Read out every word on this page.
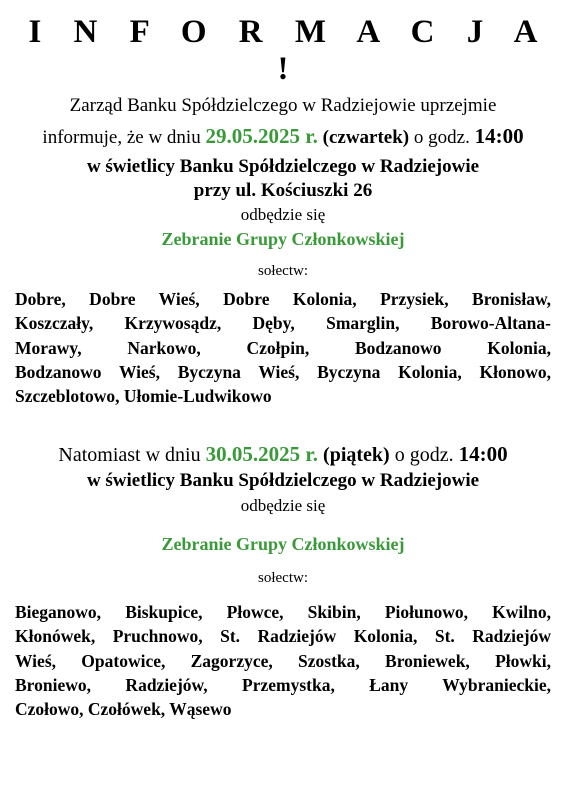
I N F O R M A C J A !
Zarząd Banku Spółdzielczego w Radziejowie uprzejmie
informuje, że w dniu 29.05.2025 r. (czwartek) o godz. 14:00
w świetlicy Banku Spółdzielczego w Radziejowie
przy ul. Kościuszki 26
odbędzie się
Zebranie Grupy Członkowskiej
sołectw:
Dobre, Dobre Wieś, Dobre Kolonia, Przysiek, Bronisław,
Koszczały, Krzywosądz, Dęby, Smarglin, Borowo-Altana-
Morawy, Narkowo, Czołpin, Bodzanowo Kolonia,
Bodzanowo Wieś, Byczyna Wieś, Byczyna Kolonia, Kłonowo,
Szczeblotowo, Ułomie-Ludwikowo
Natomiast w dniu 30.05.2025 r. (piątek) o godz. 14:00
w świetlicy Banku Spółdzielczego w Radziejowie
odbędzie się
Zebranie Grupy Członkowskiej
sołectw:
Bieganowo, Biskupice, Płowce, Skibin, Piołunowo, Kwilno,
Kłonówek, Pruchnowo, St. Radziejów Kolonia, St. Radziejów
Wieś, Opatowice, Zagorzyce, Szostka, Broniewek, Płowki,
Broniewo, Radziejów, Przemystka, Łany Wybranieckie,
Czołowo, Czołówek, Wąsewo
